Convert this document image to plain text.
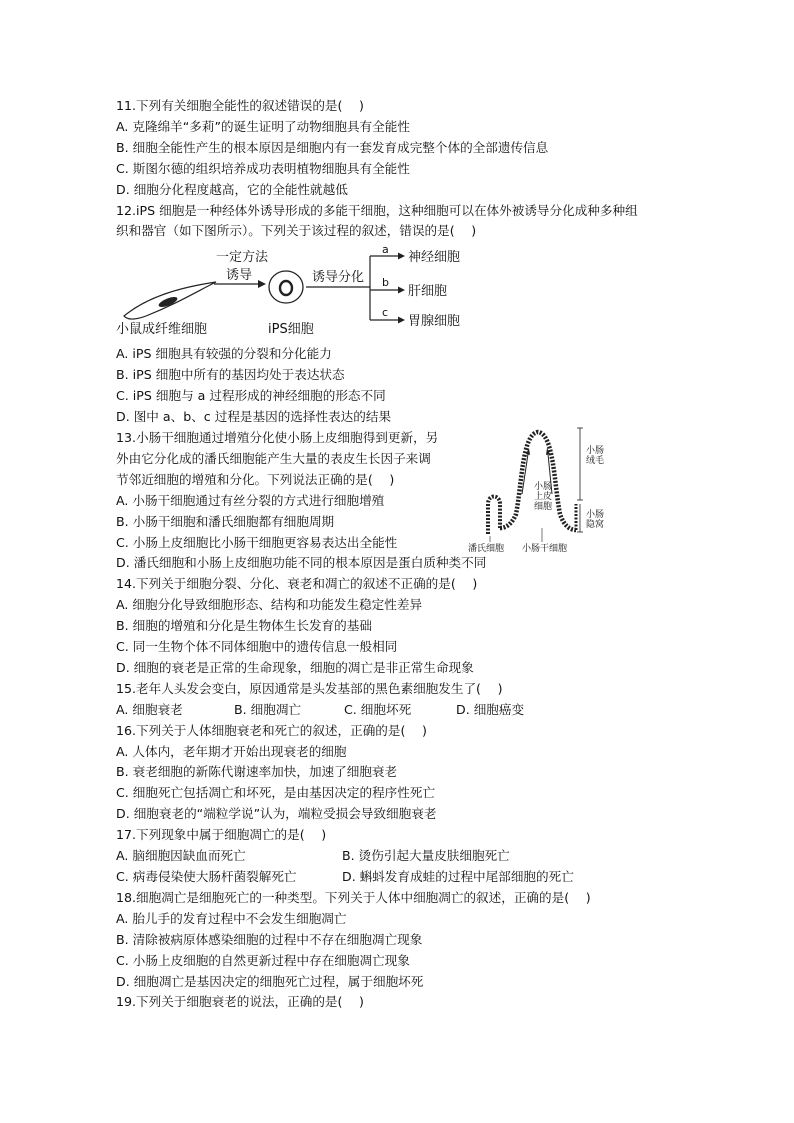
11.下列有关细胞全能性的叙述错误的是(　 )
A. 克隆绵羊“多莉”的诞生证明了动物细胞具有全能性
B. 细胞全能性产生的根本原因是细胞内有一套发育成完整个体的全部遗传信息
C. 斯图尔德的组织培养成功表明植物细胞具有全能性
D. 细胞分化程度越高，它的全能性就越低
12.iPS 细胞是一种经体外诱导形成的多能干细胞，这种细胞可以在体外被诱导分化成种多种组
织和器官（如下图所示）。下列关于该过程的叙述，错误的是(　 )
一定方法
诱导
小鼠成纤维细胞	iPS细胞
诱导分化
a
b
c
神经细胞
肝细胞
胃腺细胞
A. iPS 细胞具有较强的分裂和分化能力
B. iPS 细胞中所有的基因均处于表达状态
C. iPS 细胞与 a 过程形成的神经细胞的形态不同
D. 图中 a、b、c 过程是基因的选择性表达的结果
13.小肠干细胞通过增殖分化使小肠上皮细胞得到更新，另
外由它分化成的潘氏细胞能产生大量的表皮生长因子来调
节邻近细胞的增殖和分化。下列说法正确的是(　 )
A. 小肠干细胞通过有丝分裂的方式进行细胞增殖
B. 小肠干细胞和潘氏细胞都有细胞周期
C. 小肠上皮细胞比小肠干细胞更容易表达出全能性
D. 潘氏细胞和小肠上皮细胞功能不同的根本原因是蛋白质种类不同
小肠绒毛
小肠上皮细胞
小肠隐窝
潘氏细胞 小肠干细胞
14.下列关于细胞分裂、分化、衰老和凋亡的叙述不正确的是(　 )
A. 细胞分化导致细胞形态、结构和功能发生稳定性差异
B. 细胞的增殖和分化是生物体生长发育的基础
C. 同一生物个体不同体细胞中的遗传信息一般相同
D. 细胞的衰老是正常的生命现象，细胞的凋亡是非正常生命现象
15.老年人头发会变白，原因通常是头发基部的黑色素细胞发生了(　 )
A. 细胞衰老	B. 细胞凋亡	C. 细胞坏死	D. 细胞癌变
16.下列关于人体细胞衰老和死亡的叙述，正确的是(　 )
A. 人体内，老年期才开始出现衰老的细胞
B. 衰老细胞的新陈代谢速率加快，加速了细胞衰老
C. 细胞死亡包括凋亡和坏死，是由基因决定的程序性死亡
D. 细胞衰老的“端粒学说”认为，端粒受损会导致细胞衰老
17.下列现象中属于细胞凋亡的是(　 )
A. 脑细胞因缺血而死亡	B. 烫伤引起大量皮肤细胞死亡
C. 病毒侵染使大肠杆菌裂解死亡	D. 蝌蚪发育成蛙的过程中尾部细胞的死亡
18.细胞凋亡是细胞死亡的一种类型。下列关于人体中细胞凋亡的叙述，正确的是(　 )
A. 胎儿手的发育过程中不会发生细胞凋亡
B. 清除被病原体感染细胞的过程中不存在细胞凋亡现象
C. 小肠上皮细胞的自然更新过程中存在细胞凋亡现象
D. 细胞凋亡是基因决定的细胞死亡过程，属于细胞坏死
19.下列关于细胞衰老的说法，正确的是(　 )
